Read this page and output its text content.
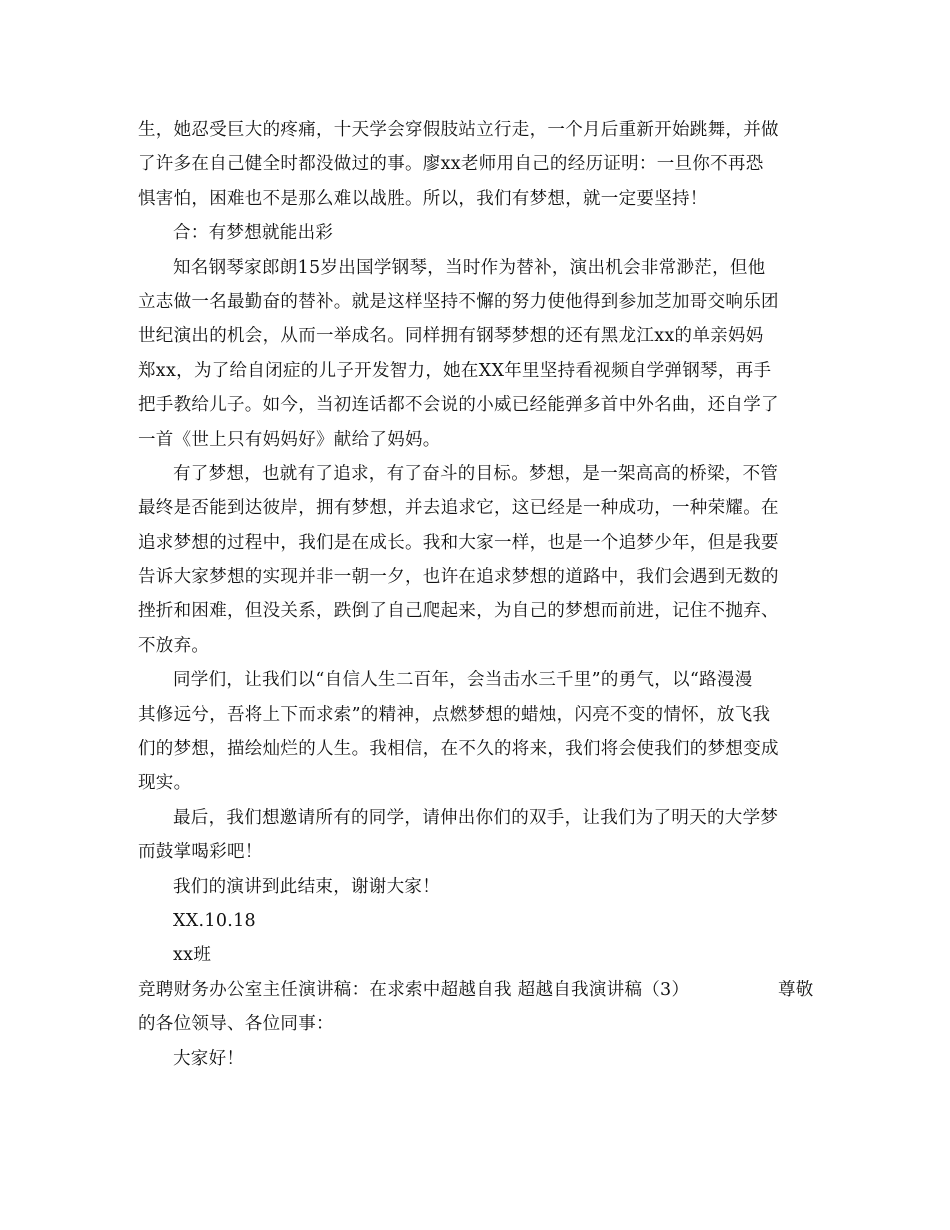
生，她忍受巨大的疼痛，十天学会穿假肢站立行走，一个月后重新开始跳舞，并做
了许多在自己健全时都没做过的事。廖xx老师用自己的经历证明：一旦你不再恐
惧害怕，困难也不是那么难以战胜。所以，我们有梦想，就一定要坚持！
合：有梦想就能出彩
知名钢琴家郎朗15岁出国学钢琴，当时作为替补，演出机会非常渺茫，但他
立志做一名最勤奋的替补。就是这样坚持不懈的努力使他得到参加芝加哥交响乐团
世纪演出的机会，从而一举成名。同样拥有钢琴梦想的还有黑龙江xx的单亲妈妈
郑xx，为了给自闭症的儿子开发智力，她在XX年里坚持看视频自学弹钢琴，再手
把手教给儿子。如今，当初连话都不会说的小威已经能弹多首中外名曲，还自学了
一首《世上只有妈妈好》献给了妈妈。
有了梦想，也就有了追求，有了奋斗的目标。梦想，是一架高高的桥梁，不管
最终是否能到达彼岸，拥有梦想，并去追求它，这已经是一种成功，一种荣耀。在
追求梦想的过程中，我们是在成长。我和大家一样，也是一个追梦少年，但是我要
告诉大家梦想的实现并非一朝一夕，也许在追求梦想的道路中，我们会遇到无数的
挫折和困难，但没关系，跌倒了自己爬起来，为自己的梦想而前进，记住不抛弃、
不放弃。
同学们，让我们以“自信人生二百年，会当击水三千里”的勇气，以“路漫漫
其修远兮，吾将上下而求索”的精神，点燃梦想的蜡烛，闪亮不变的情怀，放飞我
们的梦想，描绘灿烂的人生。我相信，在不久的将来，我们将会使我们的梦想变成
现实。
最后，我们想邀请所有的同学，请伸出你们的双手，让我们为了明天的大学梦
而鼓掌喝彩吧！
我们的演讲到此结束，谢谢大家！
XX.10.18
xx班
竞聘财务办公室主任演讲稿：在求索中超越自我 超越自我演讲稿（3）	尊敬
的各位领导、各位同事：
大家好！
